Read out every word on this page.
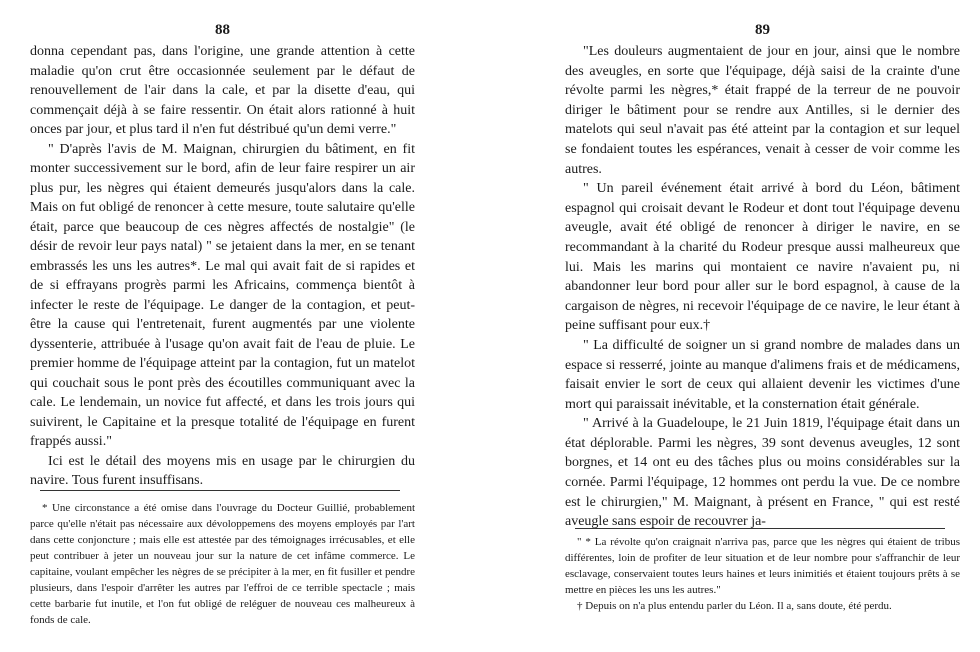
88

donna cependant pas, dans l'origine, une grande attention à cette maladie qu'on crut être occasionnée seulement par le défaut de renouvellement de l'air dans la cale, et par la disette d'eau, qui commençait déjà à se faire ressentir. On était alors rationné à huit onces par jour, et plus tard il n'en fut déstribué qu'un demi verre."

" D'après l'avis de M. Maignan, chirurgien du bâtiment, en fit monter successivement sur le bord, afin de leur faire respirer un air plus pur, les nègres qui étaient demeurés jusqu'alors dans la cale. Mais on fut obligé de renoncer à cette mesure, toute salutaire qu'elle était, parce que beaucoup de ces nègres affectés de nostalgie" (le désir de revoir leur pays natal) " se jetaient dans la mer, en se tenant embrassés les uns les autres*. Le mal qui avait fait de si rapides et de si effrayans progrès parmi les Africains, commença bientôt à infecter le reste de l'équipage. Le danger de la contagion, et peut-être la cause qui l'entretenait, furent augmentés par une violente dyssenterie, attribuée à l'usage qu'on avait fait de l'eau de pluie. Le premier homme de l'équipage atteint par la contagion, fut un matelot qui couchait sous le pont près des écoutilles communiquant avec la cale. Le lendemain, un novice fut affecté, et dans les trois jours qui suivirent, le Capitaine et la presque totalité de l'équipage en furent frappés aussi."

Ici est le détail des moyens mis en usage par le chirurgien du navire. Tous furent insuffisans.

* Une circonstance a été omise dans l'ouvrage du Docteur Guillié, probablement parce qu'elle n'était pas nécessaire aux dévoloppemens des moyens employés par l'art dans cette conjoncture ; mais elle est attestée par des témoignages irrécusables, et elle peut contribuer à jeter un nouveau jour sur la nature de cet infâme commerce. Le capitaine, voulant empêcher les nègres de se précipiter à la mer, en fit fusiller et pendre plusieurs, dans l'espoir d'arrêter les autres par l'effroi de ce terrible spectacle ; mais cette barbarie fut inutile, et l'on fut obligé de reléguer de nouveau ces malheureux à fonds de cale.

89

"Les douleurs augmentaient de jour en jour, ainsi que le nombre des aveugles, en sorte que l'équipage, déjà saisi de la crainte d'une révolte parmi les nègres,* était frappé de la terreur de ne pouvoir diriger le bâtiment pour se rendre aux Antilles, si le dernier des matelots qui seul n'avait pas été atteint par la contagion et sur lequel se fondaient toutes les espérances, venait à cesser de voir comme les autres.

" Un pareil événement était arrivé à bord du Léon, bâtiment espagnol qui croisait devant le Rodeur et dont tout l'équipage devenu aveugle, avait été obligé de renoncer à diriger le navire, en se recommandant à la charité du Rodeur presque aussi malheureux que lui. Mais les marins qui montaient ce navire n'avaient pu, ni abandonner leur bord pour aller sur le bord espagnol, à cause de la cargaison de nègres, ni recevoir l'équipage de ce navire, le leur étant à peine suffisant pour eux.†

" La difficulté de soigner un si grand nombre de malades dans un espace si resserré, jointe au manque d'alimens frais et de médicamens, faisait envier le sort de ceux qui allaient devenir les victimes d'une mort qui paraissait inévitable, et la consternation était générale.

" Arrivé à la Guadeloupe, le 21 Juin 1819, l'équipage était dans un état déplorable. Parmi les nègres, 39 sont devenus aveugles, 12 sont borgnes, et 14 ont eu des tâches plus ou moins considérables sur la cornée. Parmi l'équipage, 12 hommes ont perdu la vue. De ce nombre est le chirurgien," M. Maignant, à présent en France, " qui est resté aveugle sans espoir de recouvrer ja-

" * La révolte qu'on craignait n'arriva pas, parce que les nègres qui étaient de tribus différentes, loin de profiter de leur situation et de leur nombre pour s'affranchir de leur esclavage, conservaient toutes leurs haines et leurs inimitiés et étaient toujours prêts à se mettre en pièces les uns les autres."

† Depuis on n'a plus entendu parler du Léon. Il a, sans doute, été perdu.
